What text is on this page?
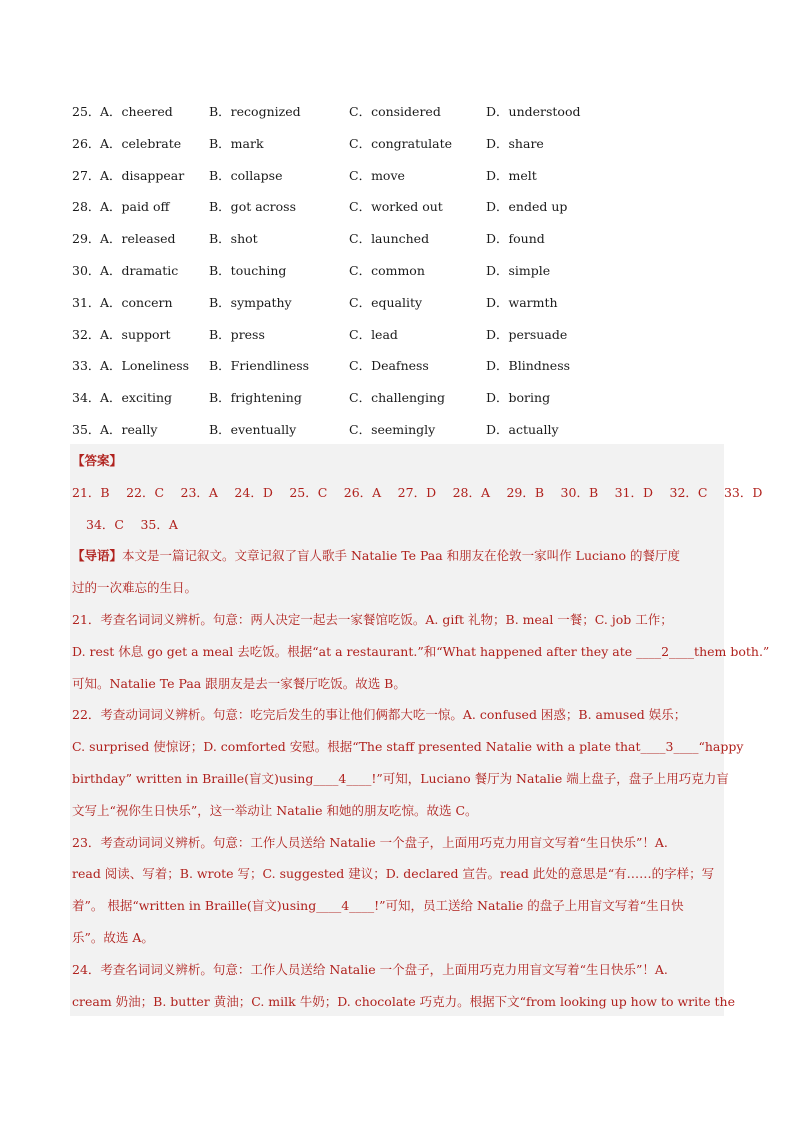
25． A．cheered	B．recognized	C．considered	D．understood
26． A．celebrate B．mark	C．congratulate	D．share
27． A．disappear B．collapse	C．move	D．melt
28． A．paid off	B．got across	C．worked out	D．ended up
29． A．released	B．shot	C．launched	D．found
30． A．dramatic B．touching	C．common	D．simple
31． A．concern	B．sympathy	C．equality	D．warmth
32． A．support	B．press	C．lead	D．persuade
33． A．Loneliness B．Friendliness	C．Deafness	D．Blindness
34． A．exciting	B．frightening	C．challenging	D．boring
35． A．really	B．eventually	C．seemingly	D．actually
【答案】
21．B　 22．C　 23．A　 24．D　 25．C　 26．A　 27．D　 28．A　 29．B　 30．B　 31．D　 32．C　 33．D
34．C　 35．A
【导语】本文是一篇记叙文。文章记叙了盲人歌手 Natalie Te Paa 和朋友在伦敦一家叫作 Luciano 的餐厅度
过的一次难忘的生日。
21．考查名词词义辨析。句意：两人决定一起去一家餐馆吃饭。A. gift 礼物；B. meal 一餐；C. job 工作；
D. rest 休息 go get a meal 去吃饭。根据“at a restaurant.”和“What happened after they ate ____2____them both.”
可知。Natalie Te Paa 跟朋友是去一家餐厅吃饭。故选 B。
22．考查动词词义辨析。句意：吃完后发生的事让他们俩都大吃一惊。A. confused 困惑；B. amused 娱乐；
C. surprised 使惊讶；D. comforted 安慰。根据“The staff presented Natalie with a plate that____3____“happy
birthday” written in Braille(盲文)using____4____!”可知，Luciano 餐厅为 Natalie 端上盘子，盘子上用巧克力盲
文写上“祝你生日快乐”，这一举动让 Natalie 和她的朋友吃惊。故选 C。
23．考查动词词义辨析。句意：工作人员送给 Natalie 一个盘子，上面用巧克力用盲文写着“生日快乐”！A.
read 阅读、写着；B. wrote 写；C. suggested 建议；D. declared 宣告。read 此处的意思是“有……的字样；写
着”。 根据“written in Braille(盲文)using____4____!”可知，员工送给 Natalie 的盘子上用盲文写着“生日快
乐”。故选 A。
24．考查名词词义辨析。句意：工作人员送给 Natalie 一个盘子，上面用巧克力用盲文写着“生日快乐”！A.
cream 奶油；B. butter 黄油；C. milk 牛奶；D. chocolate 巧克力。根据下文“from looking up how to write the
